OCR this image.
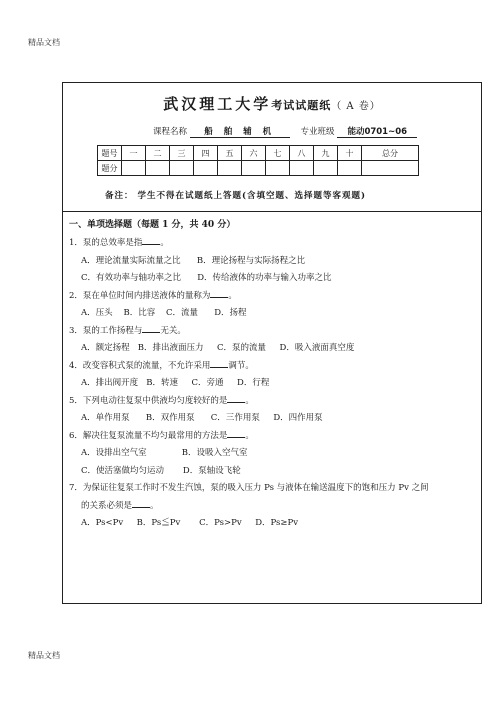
精品文档
武汉理工大学考试试题纸（ A 卷）
课程名称 船 舶 辅 机	专业班级 能动0701~06
题号	一	二	三	四	五	六	七	八	九	十	总分
题分											
备注： 学生不得在试题纸上答题(含填空题、选择题等客观题)
一、单项选择题（每题 1 分，共 40 分）

1．泵的总效率是指 。

A．理论流量实际流量之比      B．理论扬程与实际扬程之比

C．有效功率与轴功率之比      D．传给液体的功率与输入功率之比

2．泵在单位时间内排送液体的量称为 。

A．压头    B．比容    C．流量      D．扬程

3．泵的工作扬程与 无关。

A．额定扬程   B．排出液面压力     C．泵的流量     D．吸入液面真空度

4．改变容积式泵的流量，不允许采用 调节。

A．排出阀开度   B．转速     C．旁通     D．行程

5．下列电动往复泵中供液均匀度较好的是 。

A．单作用泵      B．双作用泵      C．三作用泵     D．四作用泵

6．解决往复泵流量不均匀最常用的方法是 。

A．设排出空气室             B．设吸入空气室

C．使活塞做均匀运动       D．泵轴设飞轮

7．为保证往复泵工作时不发生汽蚀，泵的吸入压力 Ps 与液体在输送温度下的饱和压力 Pv 之间

的关系必须是 。

A．Ps<Pv     B．Ps≦Pv       C．Ps>Pv     D．Ps≥Pv

精品文档
